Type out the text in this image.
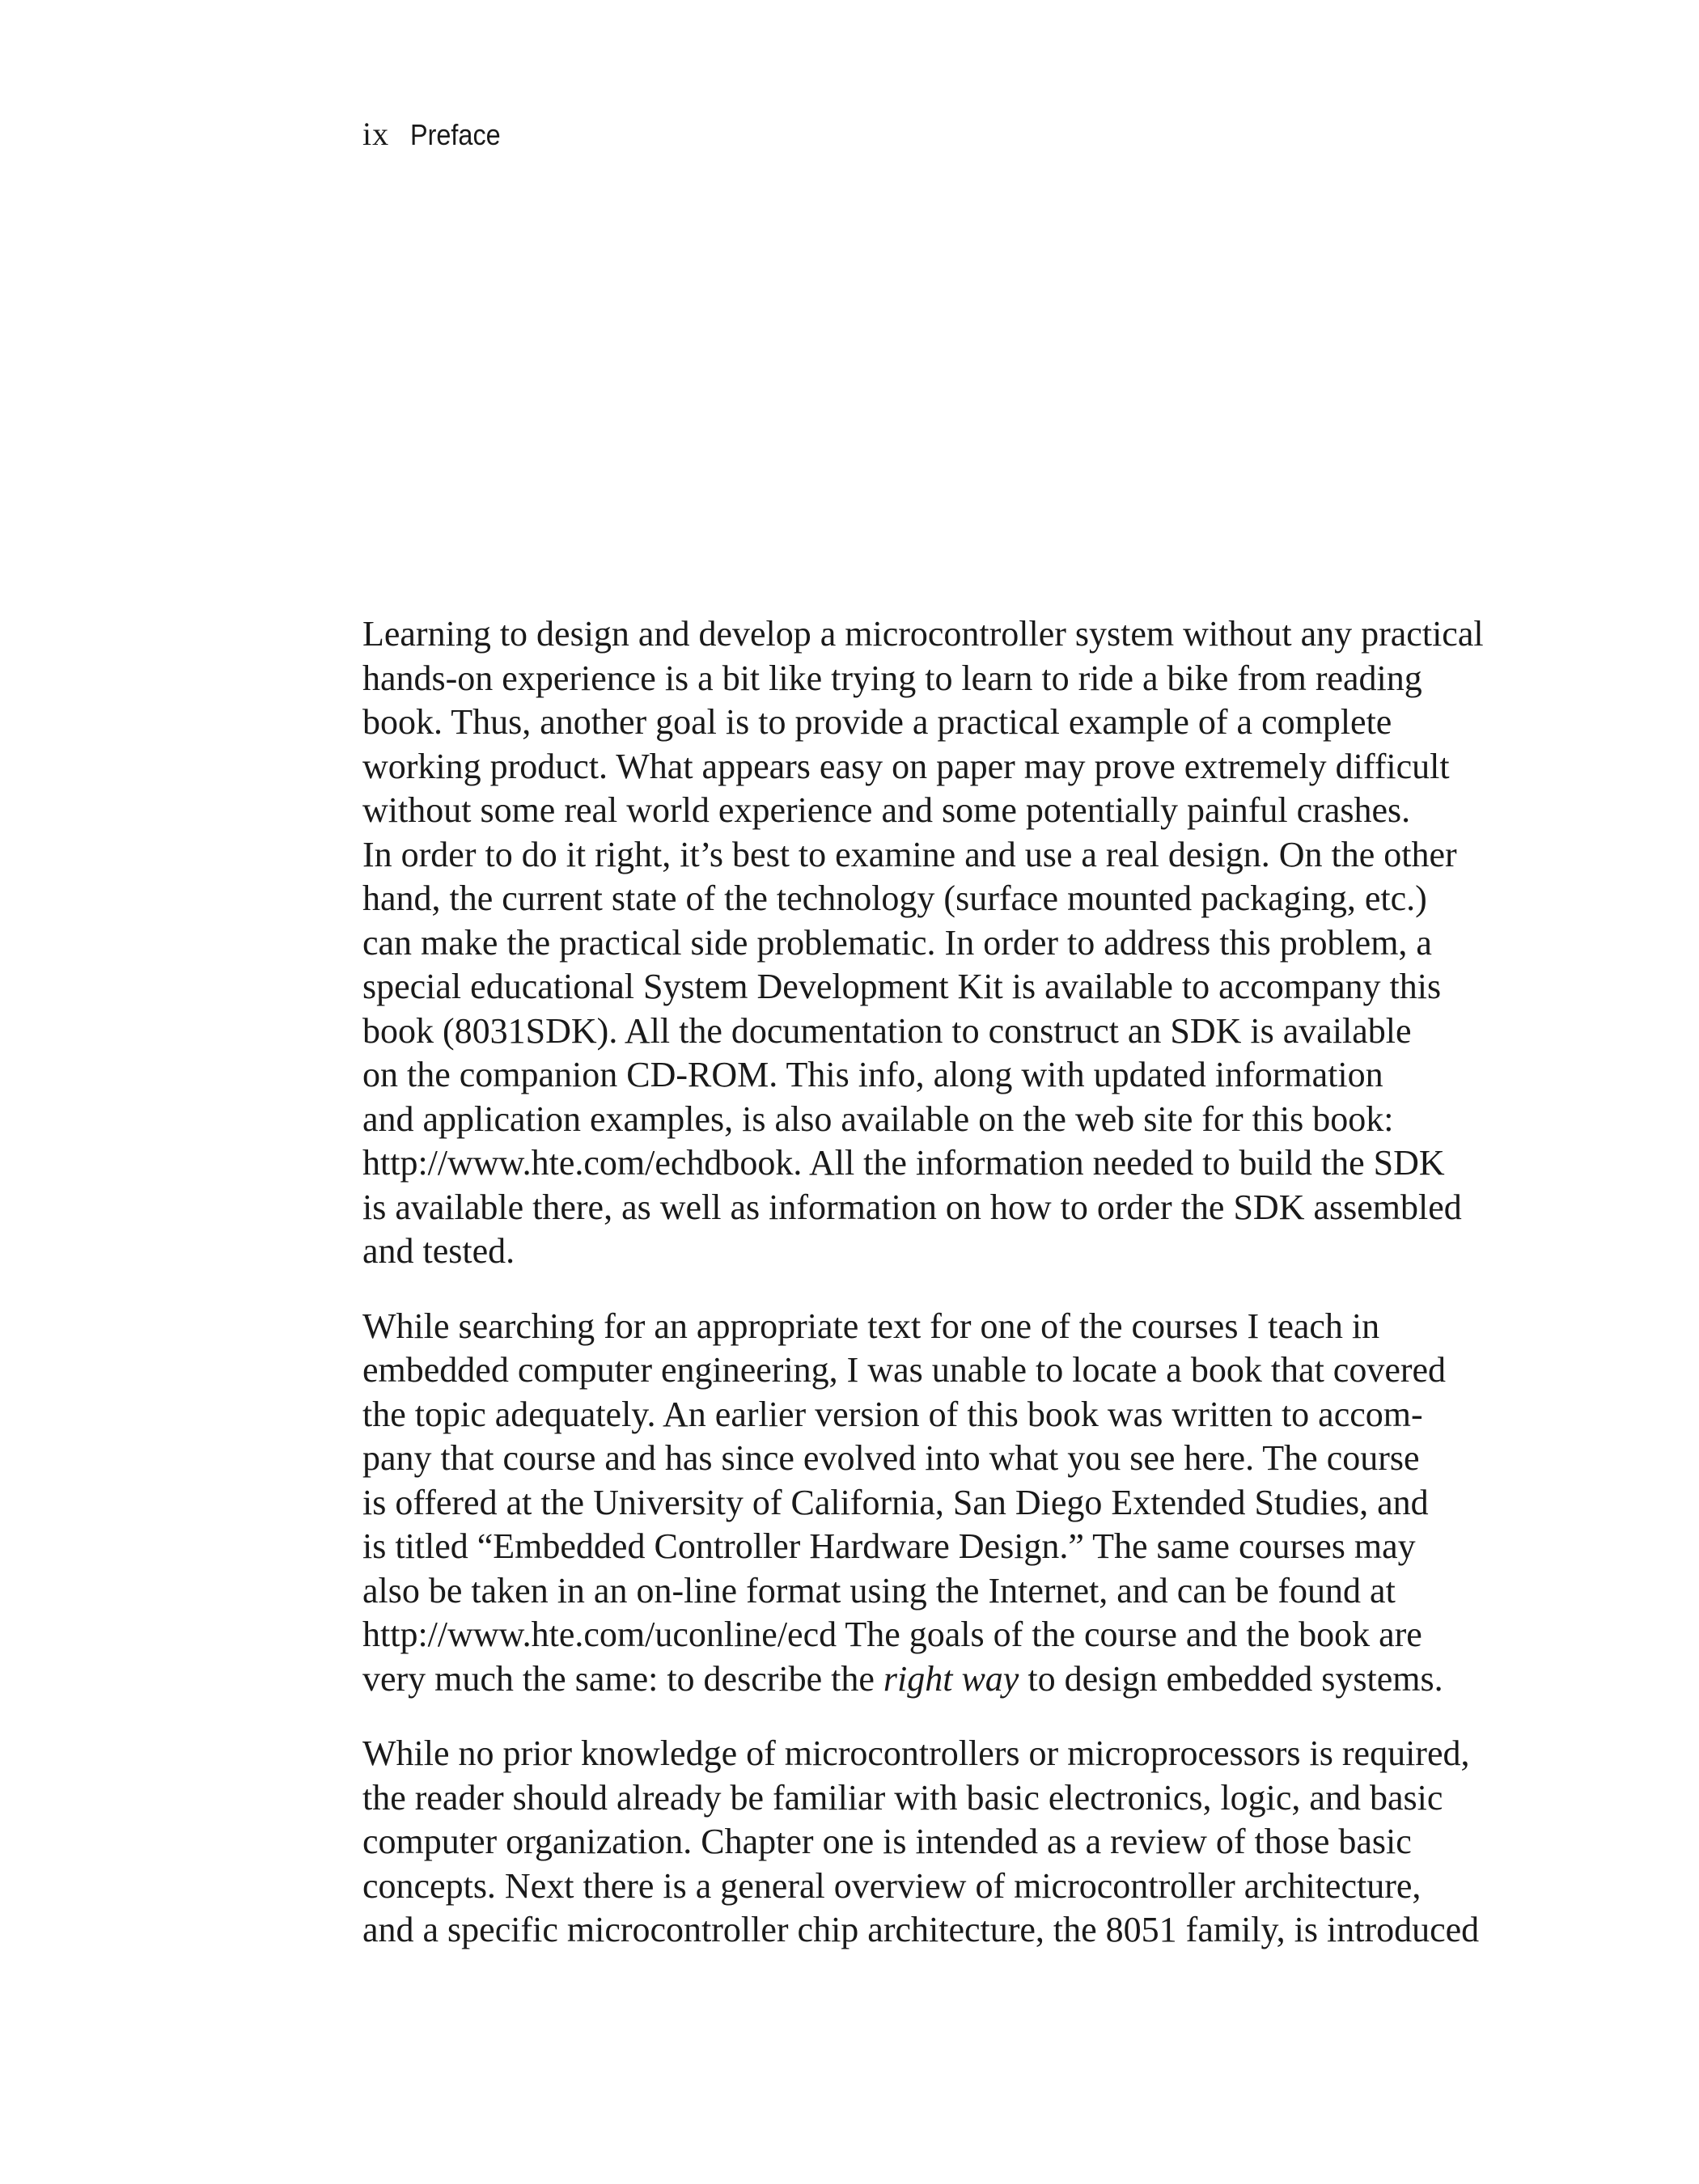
ix Preface

Learning to design and develop a microcontroller system without any practical
hands-on experience is a bit like trying to learn to ride a bike from reading
book. Thus, another goal is to provide a practical example of a complete
working product. What appears easy on paper may prove extremely difficult
without some real world experience and some potentially painful crashes.
In order to do it right, it’s best to examine and use a real design. On the other
hand, the current state of the technology (surface mounted packaging, etc.)
can make the practical side problematic. In order to address this problem, a
special educational System Development Kit is available to accompany this
book (8031SDK). All the documentation to construct an SDK is available
on the companion CD-ROM. This info, along with updated information
and application examples, is also available on the web site for this book:
http://www.hte.com/echdbook. All the information needed to build the SDK
is available there, as well as information on how to order the SDK assembled
and tested.

While searching for an appropriate text for one of the courses I teach in
embedded computer engineering, I was unable to locate a book that covered
the topic adequately. An earlier version of this book was written to accom-
pany that course and has since evolved into what you see here. The course
is offered at the University of California, San Diego Extended Studies, and
is titled “Embedded Controller Hardware Design.” The same courses may
also be taken in an on-line format using the Internet, and can be found at
http://www.hte.com/uconline/ecd The goals of the course and the book are
very much the same: to describe the right way to design embedded systems.

While no prior knowledge of microcontrollers or microprocessors is required,
the reader should already be familiar with basic electronics, logic, and basic
computer organization. Chapter one is intended as a review of those basic
concepts. Next there is a general overview of microcontroller architecture,
and a specific microcontroller chip architecture, the 8051 family, is introduced
